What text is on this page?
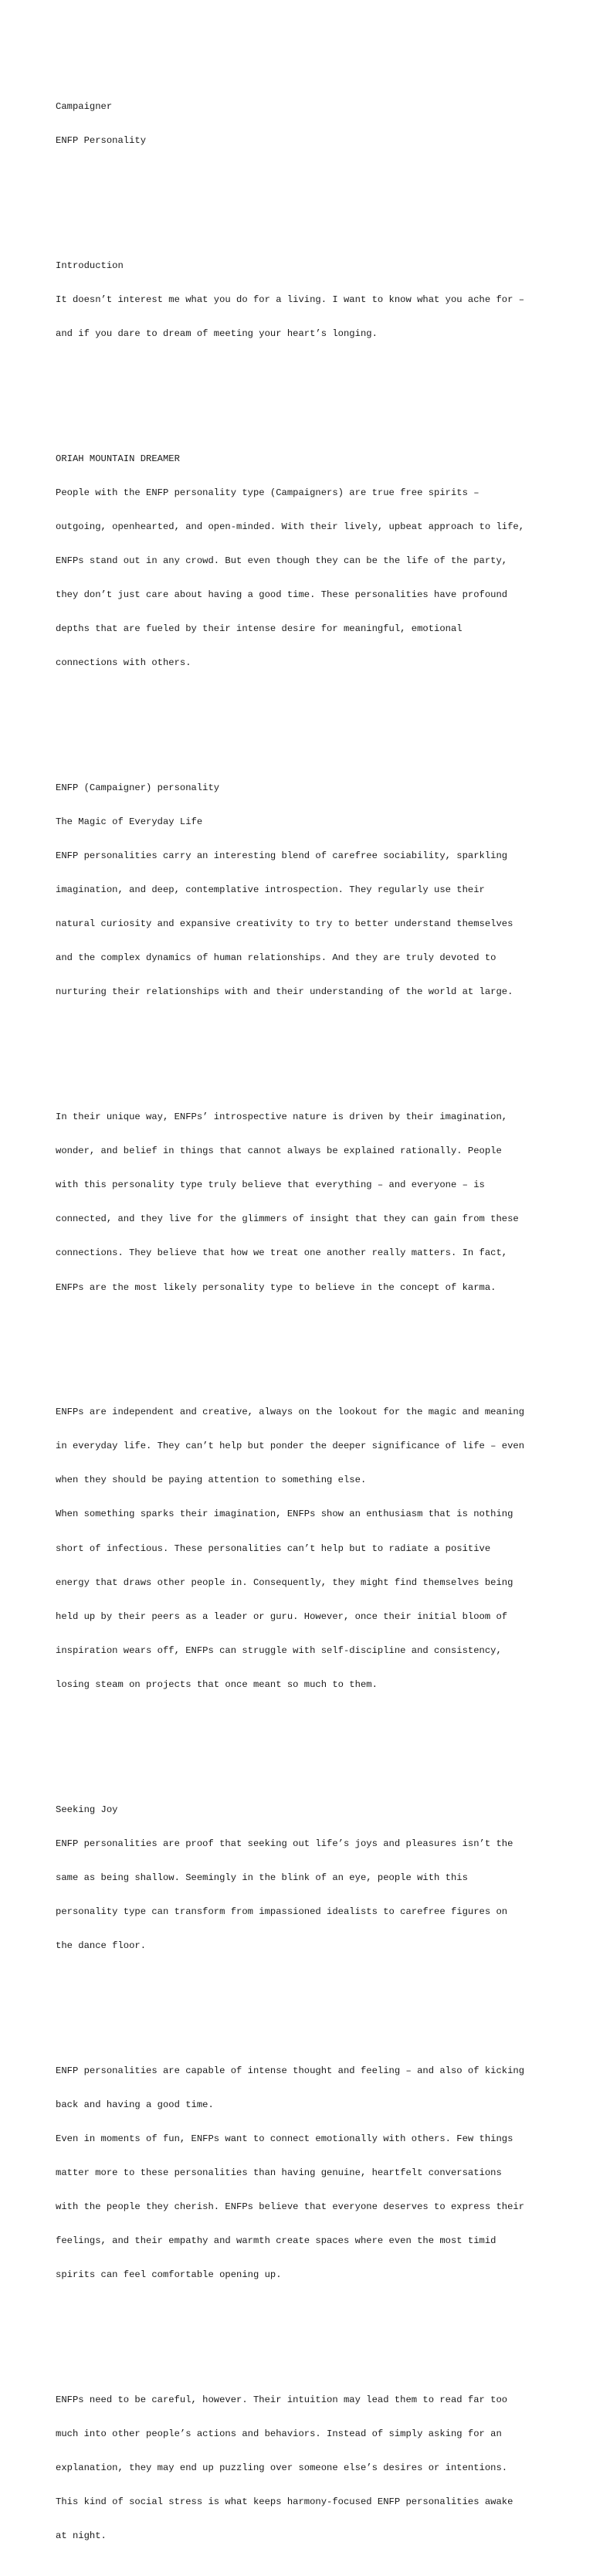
Campaigner

ENFP Personality

Introduction

It doesn’t interest me what you do for a living. I want to know what you ache for –

and if you dare to dream of meeting your heart’s longing.

ORIAH MOUNTAIN DREAMER

People with the ENFP personality type (Campaigners) are true free spirits –

outgoing, openhearted, and open-minded. With their lively, upbeat approach to life,

ENFPs stand out in any crowd. But even though they can be the life of the party,

they don’t just care about having a good time. These personalities have profound

depths that are fueled by their intense desire for meaningful, emotional

connections with others.

ENFP (Campaigner) personality

The Magic of Everyday Life

ENFP personalities carry an interesting blend of carefree sociability, sparkling

imagination, and deep, contemplative introspection. They regularly use their

natural curiosity and expansive creativity to try to better understand themselves

and the complex dynamics of human relationships. And they are truly devoted to

nurturing their relationships with and their understanding of the world at large.

In their unique way, ENFPs’ introspective nature is driven by their imagination,

wonder, and belief in things that cannot always be explained rationally. People

with this personality type truly believe that everything – and everyone – is

connected, and they live for the glimmers of insight that they can gain from these

connections. They believe that how we treat one another really matters. In fact,

ENFPs are the most likely personality type to believe in the concept of karma.

ENFPs are independent and creative, always on the lookout for the magic and meaning

in everyday life. They can’t help but ponder the deeper significance of life – even

when they should be paying attention to something else.

When something sparks their imagination, ENFPs show an enthusiasm that is nothing

short of infectious. These personalities can’t help but to radiate a positive

energy that draws other people in. Consequently, they might find themselves being

held up by their peers as a leader or guru. However, once their initial bloom of

inspiration wears off, ENFPs can struggle with self-discipline and consistency,

losing steam on projects that once meant so much to them.

Seeking Joy

ENFP personalities are proof that seeking out life’s joys and pleasures isn’t the

same as being shallow. Seemingly in the blink of an eye, people with this

personality type can transform from impassioned idealists to carefree figures on

the dance floor.

ENFP personalities are capable of intense thought and feeling – and also of kicking

back and having a good time.

Even in moments of fun, ENFPs want to connect emotionally with others. Few things

matter more to these personalities than having genuine, heartfelt conversations

with the people they cherish. ENFPs believe that everyone deserves to express their

feelings, and their empathy and warmth create spaces where even the most timid

spirits can feel comfortable opening up.

ENFPs need to be careful, however. Their intuition may lead them to read far too

much into other people’s actions and behaviors. Instead of simply asking for an

explanation, they may end up puzzling over someone else’s desires or intentions.

This kind of social stress is what keeps harmony-focused ENFP personalities awake

at night.
